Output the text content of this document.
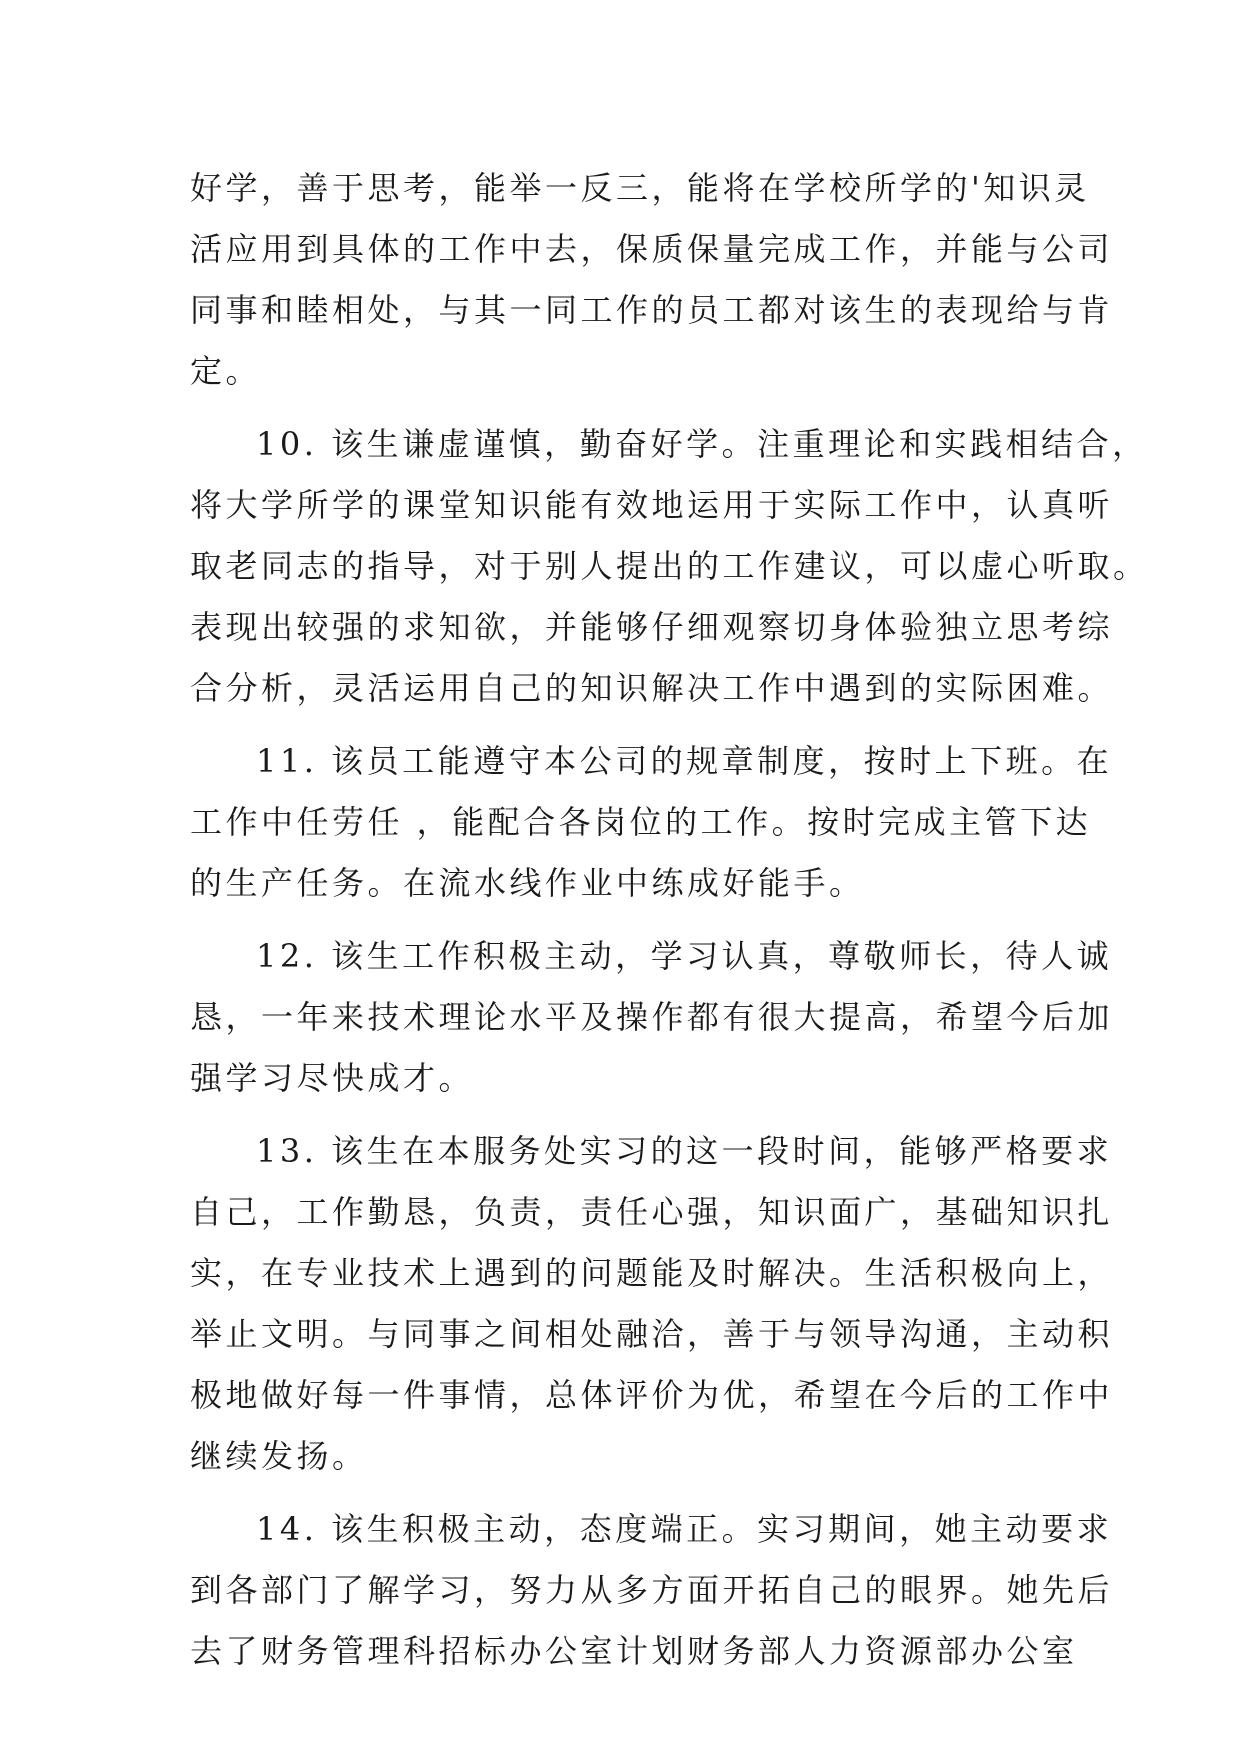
好学，善于思考，能举一反三，能将在学校所学的'知识灵
活应用到具体的工作中去，保质保量完成工作，并能与公司
同事和睦相处，与其一同工作的员工都对该生的表现给与肯
定。
10. 该生谦虚谨慎，勤奋好学。注重理论和实践相结合，
将大学所学的课堂知识能有效地运用于实际工作中，认真听
取老同志的指导，对于别人提出的工作建议，可以虚心听取。
表现出较强的求知欲，并能够仔细观察切身体验独立思考综
合分析，灵活运用自己的知识解决工作中遇到的实际困难。
11. 该员工能遵守本公司的规章制度，按时上下班。在
工作中任劳任 ，能配合各岗位的工作。按时完成主管下达
的生产任务。在流水线作业中练成好能手。
12. 该生工作积极主动，学习认真，尊敬师长，待人诚
恳，一年来技术理论水平及操作都有很大提高，希望今后加
强学习尽快成才。
13. 该生在本服务处实习的这一段时间，能够严格要求
自己，工作勤恳，负责，责任心强，知识面广，基础知识扎
实，在专业技术上遇到的问题能及时解决。生活积极向上，
举止文明。与同事之间相处融洽，善于与领导沟通，主动积
极地做好每一件事情，总体评价为优，希望在今后的工作中
继续发扬。
14. 该生积极主动，态度端正。实习期间，她主动要求
到各部门了解学习，努力从多方面开拓自己的眼界。她先后
去了财务管理科招标办公室计划财务部人力资源部办公室
